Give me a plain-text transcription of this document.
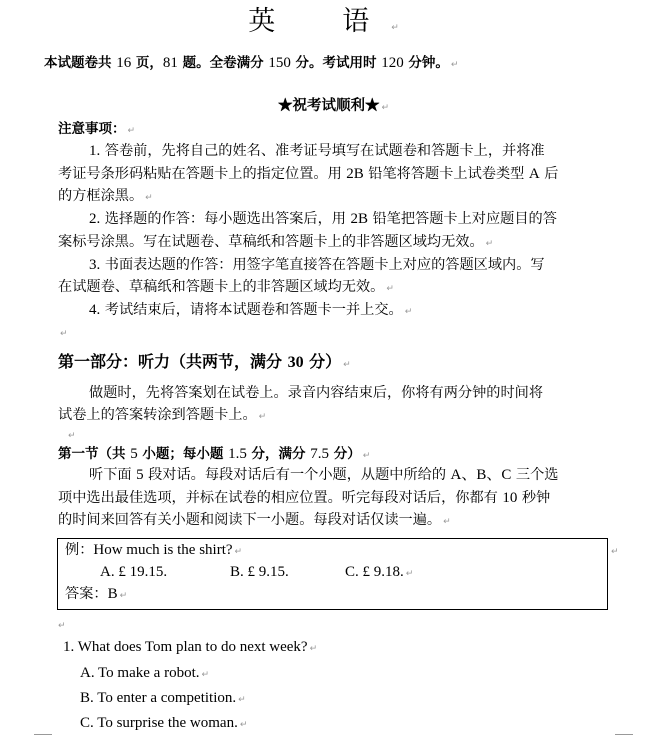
英　语 ↵
本试题卷共 16 页，81 题。全卷满分 150 分。考试用时 120 分钟。 ↵
★祝考试顺利★ ↵
注意事项： ↵
1. 答卷前，先将自己的姓名、准考证号填写在试题卷和答题卡上，并将准
考证号条形码粘贴在答题卡上的指定位置。用 2B 铅笔将答题卡上试卷类型 A 后
的方框涂黑。 ↵
2. 选择题的作答：每小题选出答案后，用 2B 铅笔把答题卡上对应题目的答
案标号涂黑。写在试题卷、草稿纸和答题卡上的非答题区域均无效。 ↵
3. 书面表达题的作答：用签字笔直接答在答题卡上对应的答题区域内。写
在试题卷、草稿纸和答题卡上的非答题区域均无效。 ↵
4. 考试结束后，请将本试题卷和答题卡一并上交。 ↵
↵
第一部分：听力（共两节，满分 30 分） ↵
做题时，先将答案划在试卷上。录音内容结束后，你将有两分钟的时间将
试卷上的答案转涂到答题卡上。 ↵
↵
第一节（共 5 小题；每小题 1.5 分，满分 7.5 分） ↵
听下面 5 段对话。每段对话后有一个小题，从题中所给的 A、B、C 三个选
项中选出最佳选项，并标在试卷的相应位置。听完每段对话后，你都有 10 秒钟
的时间来回答有关小题和阅读下一小题。每段对话仅读一遍。 ↵
例：How much is the shirt? ↵	↵
A. £ 19.15.	B. £ 9.15.	C. £ 9.18. ↵
答案：B ↵
↵
1. What does Tom plan to do next week? ↵
A. To make a robot. ↵
B. To enter a competition. ↵
C. To surprise the woman. ↵
